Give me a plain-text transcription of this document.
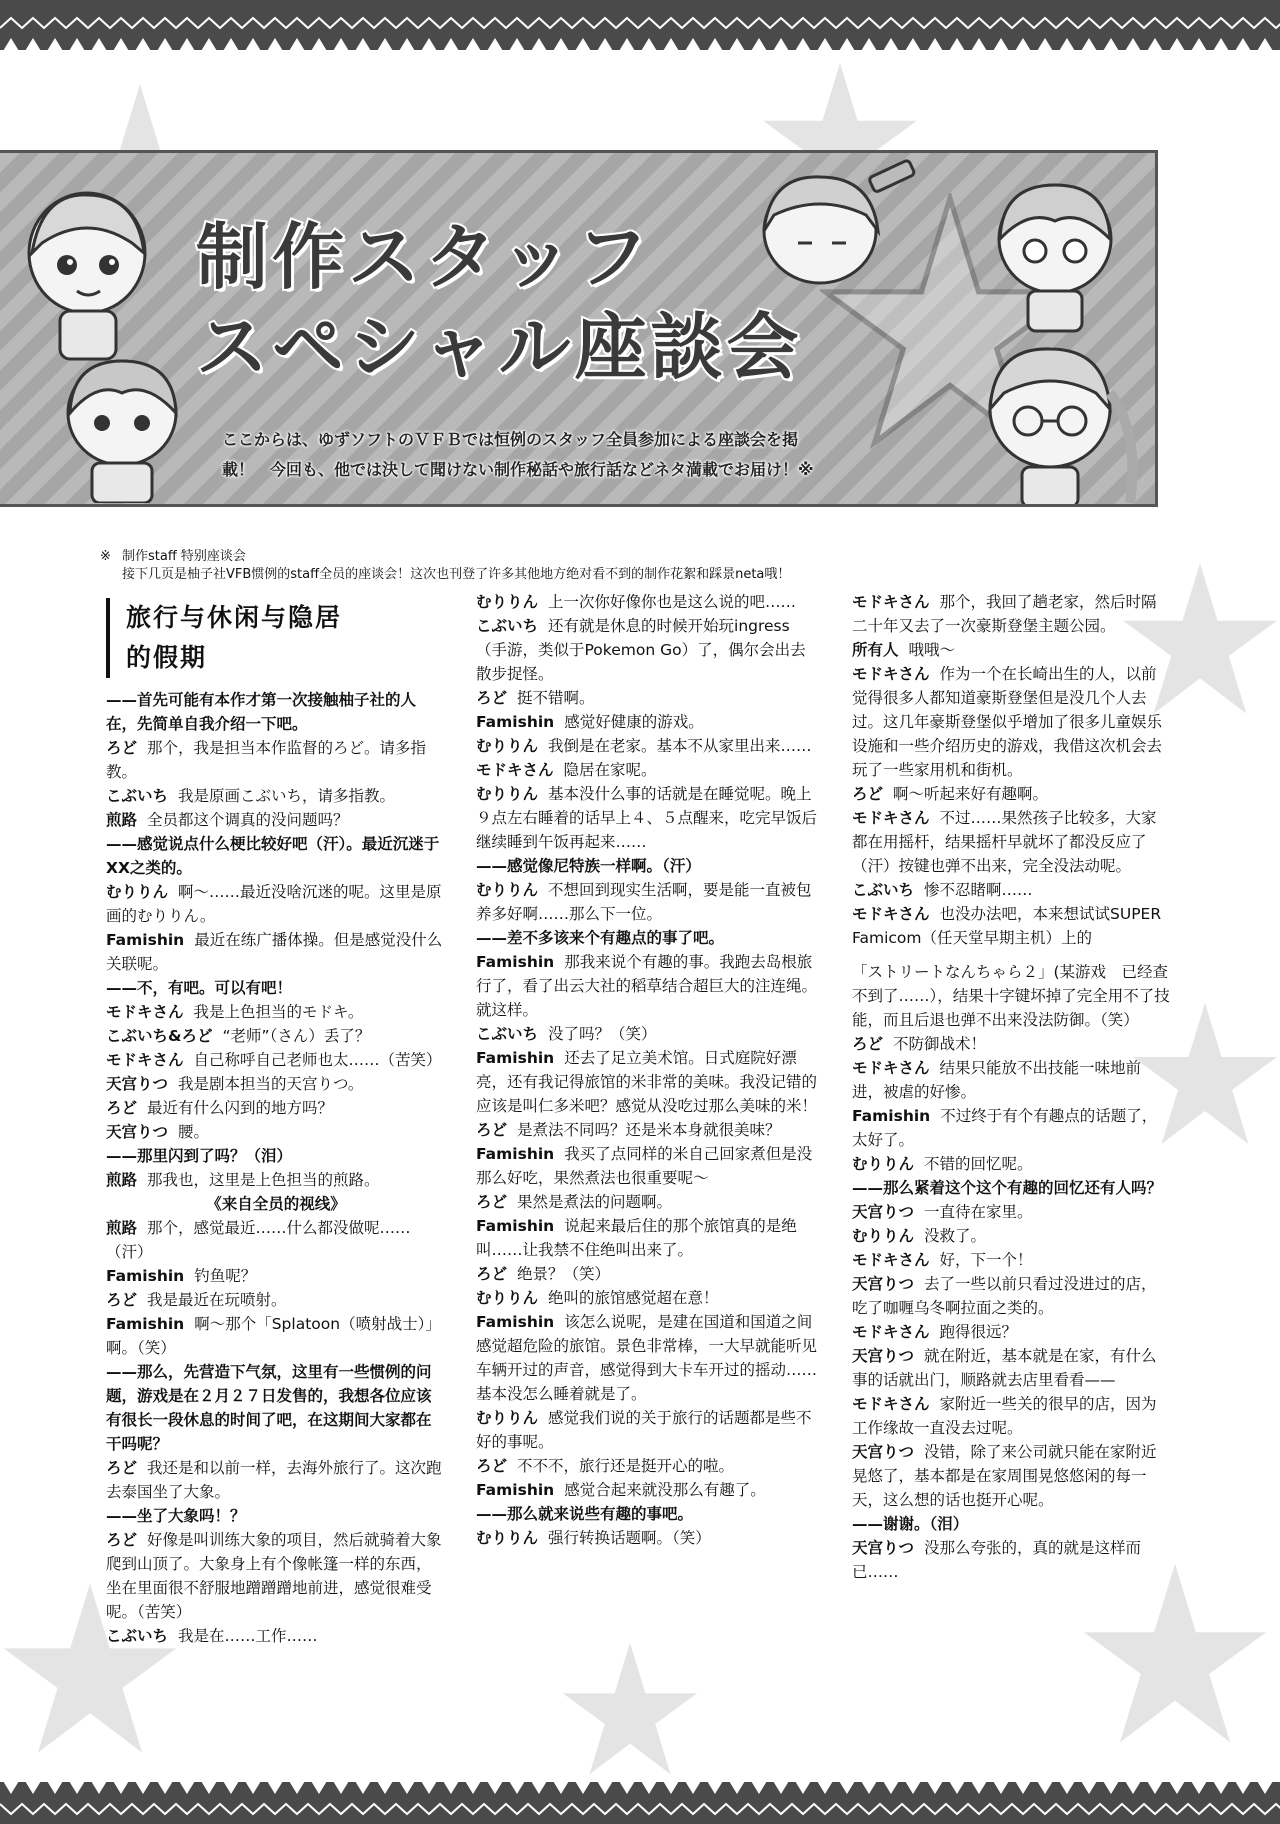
制作スタッフ
スペシャル座談会
ここからは、ゆずソフトのＶＦＢでは恒例のスタッフ全員参加による座談会を掲
載！　今回も、他では決して聞けない制作秘話や旅行話などネタ満載でお届け！※
※ 制作staff 特别座谈会
接下几页是柚子社VFB惯例的staff全员的座谈会！这次也刊登了许多其他地方绝对看不到的制作花絮和踩景neta哦！
旅行与休闲与隐居
的假期

——首先可能有本作才第一次接触柚子社的人在，先简单自我介绍一下吧。

ろど 那个，我是担当本作监督的ろど。请多指教。

こぶいち 我是原画こぶいち，请多指教。

煎路 全员都这个调真的没问题吗？

——感觉说点什么梗比较好吧（汗）。最近沉迷于XX之类的。

むりりん 啊～……最近没啥沉迷的呢。这里是原画的むりりん。

Famishin 最近在练广播体操。但是感觉没什么关联呢。

——不，有吧。可以有吧！

モドキさん 我是上色担当的モドキ。

こぶいち&ろど “老师”（さん）丢了？

モドキさん 自己称呼自己老师也太……（苦笑）

天宫りつ 我是剧本担当的天宫りつ。

ろど 最近有什么闪到的地方吗？

天宫りつ 腰。

——那里闪到了吗？（泪）

煎路 那我也，这里是上色担当的煎路。

《来自全员的视线》

煎路 那个，感觉最近……什么都没做呢……（汗）

Famishin 钓鱼呢？

ろど 我是最近在玩喷射。

Famishin 啊～那个「Splatoon（喷射战士）」啊。（笑）

——那么，先营造下气氛，这里有一些惯例的问题，游戏是在２月２７日发售的，我想各位应该有很长一段休息的时间了吧，在这期间大家都在干吗呢？

ろど 我还是和以前一样，去海外旅行了。这次跑去泰国坐了大象。

——坐了大象吗！？

ろど 好像是叫训练大象的项目，然后就骑着大象爬到山顶了。大象身上有个像帐篷一样的东西，坐在里面很不舒服地蹭蹭蹭地前进，感觉很难受呢。（苦笑）

こぶいち 我是在……工作……

むりりん 上一次你好像你也是这么说的吧……

こぶいち 还有就是休息的时候开始玩ingress（手游，类似于Pokemon Go）了，偶尔会出去散步捉怪。

ろど 挺不错啊。

Famishin 感觉好健康的游戏。

むりりん 我倒是在老家。基本不从家里出来……

モドキさん 隐居在家呢。

むりりん 基本没什么事的话就是在睡觉呢。晚上９点左右睡着的话早上４、５点醒来，吃完早饭后继续睡到午饭再起来……

——感觉像尼特族一样啊。（汗）

むりりん 不想回到现实生活啊，要是能一直被包养多好啊……那么下一位。

——差不多该来个有趣点的事了吧。

Famishin 那我来说个有趣的事。我跑去岛根旅行了，看了出云大社的稻草结合超巨大的注连绳。就这样。

こぶいち 没了吗？（笑）

Famishin 还去了足立美术馆。日式庭院好漂亮，还有我记得旅馆的米非常的美味。我没记错的应该是叫仁多米吧？感觉从没吃过那么美味的米！

ろど 是煮法不同吗？还是米本身就很美味？

Famishin 我买了点同样的米自己回家煮但是没那么好吃，果然煮法也很重要呢～

ろど 果然是煮法的问题啊。

Famishin 说起来最后住的那个旅馆真的是绝叫……让我禁不住绝叫出来了。

ろど 绝景？（笑）

むりりん 绝叫的旅馆感觉超在意！

Famishin 该怎么说呢，是建在国道和国道之间感觉超危险的旅馆。景色非常棒，一大早就能听见车辆开过的声音，感觉得到大卡车开过的摇动……基本没怎么睡着就是了。

むりりん 感觉我们说的关于旅行的话题都是些不好的事呢。

ろど 不不不，旅行还是挺开心的啦。

Famishin 感觉合起来就没那么有趣了。

——那么就来说些有趣的事吧。

むりりん 强行转换话题啊。（笑）

モドキさん 那个，我回了趟老家，然后时隔二十年又去了一次豪斯登堡主题公园。

所有人 哦哦～

モドキさん 作为一个在长崎出生的人，以前觉得很多人都知道豪斯登堡但是没几个人去过。这几年豪斯登堡似乎增加了很多儿童娱乐设施和一些介绍历史的游戏，我借这次机会去玩了一些家用机和街机。

ろど 啊～听起来好有趣啊。

モドキさん 不过……果然孩子比较多，大家都在用摇杆，结果摇杆早就坏了都没反应了（汗）按键也弹不出来，完全没法动呢。

こぶいち 惨不忍睹啊……

モドキさん 也没办法吧，本来想试试SUPER Famicom（任天堂早期主机）上的

「ストリートなんちゃら２」(某游戏　已经查不到了……），结果十字键坏掉了完全用不了技能，而且后退也弹不出来没法防御。（笑）

ろど 不防御战术！

モドキさん 结果只能放不出技能一味地前进，被虐的好惨。

Famishin 不过终于有个有趣点的话题了，太好了。

むりりん 不错的回忆呢。

——那么紧着这个这个有趣的回忆还有人吗？

天宫りつ 一直待在家里。

むりりん 没救了。

モドキさん 好，下一个！

天宫りつ 去了一些以前只看过没进过的店，吃了咖喱乌冬啊拉面之类的。

モドキさん 跑得很远？

天宫りつ 就在附近，基本就是在家，有什么事的话就出门，顺路就去店里看看——

モドキさん 家附近一些关的很早的店，因为工作缘故一直没去过呢。

天宫りつ 没错，除了来公司就只能在家附近晃悠了，基本都是在家周围晃悠悠闲的每一天，这么想的话也挺开心呢。

——谢谢。（泪）

天宫りつ 没那么夸张的，真的就是这样而已……
